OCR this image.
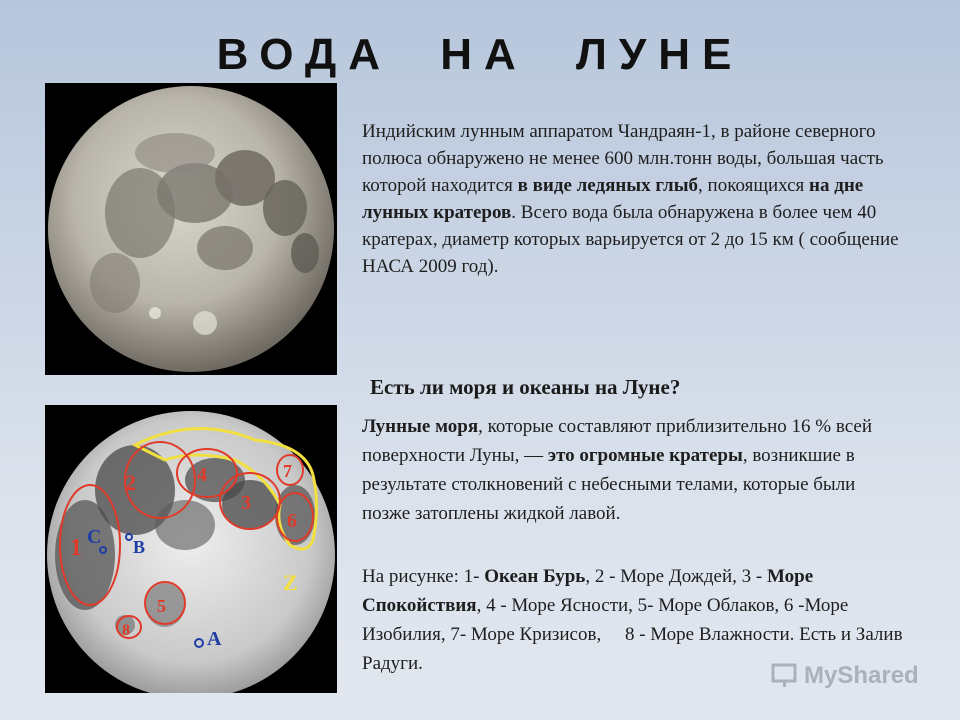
ВОДА НА ЛУНЕ
Индийским лунным аппаратом Чандраян-1, в районе северного полюса обнаружено не менее 600 млн.тонн воды, большая часть которой находится в виде ледяных глыб, покоящихся на дне лунных кратеров. Всего вода была обнаружена в более чем 40 кратерах, диаметр которых варьируется от 2 до 15 км ( сообщение НАСА 2009 год).
Есть ли моря и океаны на Луне?
1
2
3
4
5
6
7
8
C B
Z
A
Лунные моря, которые составляют приблизительно 16 % всей поверхности Луны, — это огромные кратеры, возникшие в результате столкновений с небесными телами, которые были позже затоплены жидкой лавой.
На рисунке: 1- Океан Бурь, 2 - Море Дождей, 3 - Море Спокойствия, 4 - Море Ясности, 5- Море Облаков, 6 -Море Изобилия, 7- Море Кризисов,     8 - Море Влажности. Есть и Залив Радуги.	MyShared
